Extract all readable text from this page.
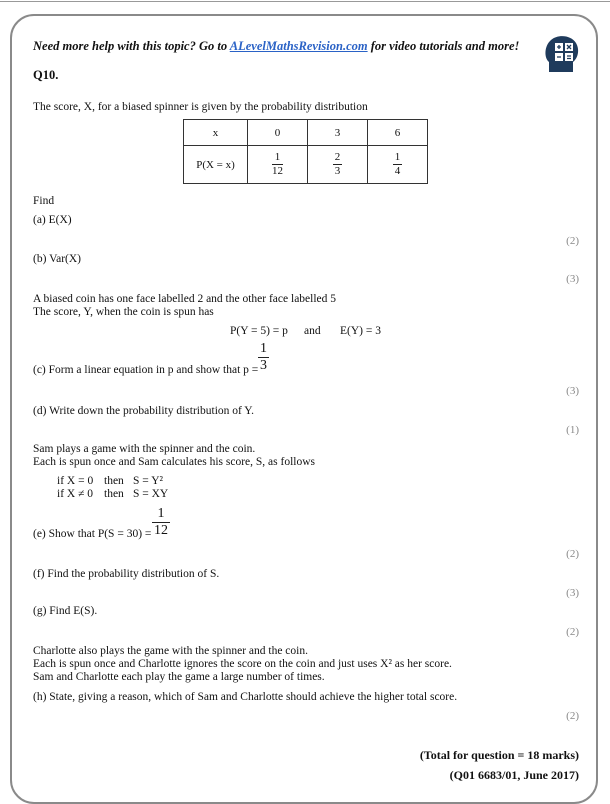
Need more help with this topic? Go to ALevelMathsRevision.com for video tutorials and more!
Q10.
The score, X, for a biased spinner is given by the probability distribution
x	0	3	6
P(X = x)	$\frac{1}{12}$	$\frac{2}{3}$	$\frac{1}{4}$
Find
(a) E(X)
(2)
(b) Var(X)
(3)
A biased coin has one face labelled 2 and the other face labelled 5
The score, Y, when the coin is spun has
P(Y = 5) = p and E(Y) = 3
(c) Form a linear equation in p and show that p =
1
3
(3)
(d) Write down the probability distribution of Y.
(1)
Sam plays a game with the spinner and the coin.
Each is spun once and Sam calculates his score, S, as follows
if X = 0 then S = Y²
if X ≠ 0 then S = XY
(e) Show that P(S = 30) =
1
12
(2)
(f) Find the probability distribution of S.
(3)
(g) Find E(S).
(2)
Charlotte also plays the game with the spinner and the coin.
Each is spun once and Charlotte ignores the score on the coin and just uses X² as her score.
Sam and Charlotte each play the game a large number of times.
(h) State, giving a reason, which of Sam and Charlotte should achieve the higher total score.
(2)
(Total for question = 18 marks)
(Q01 6683/01, June 2017)
